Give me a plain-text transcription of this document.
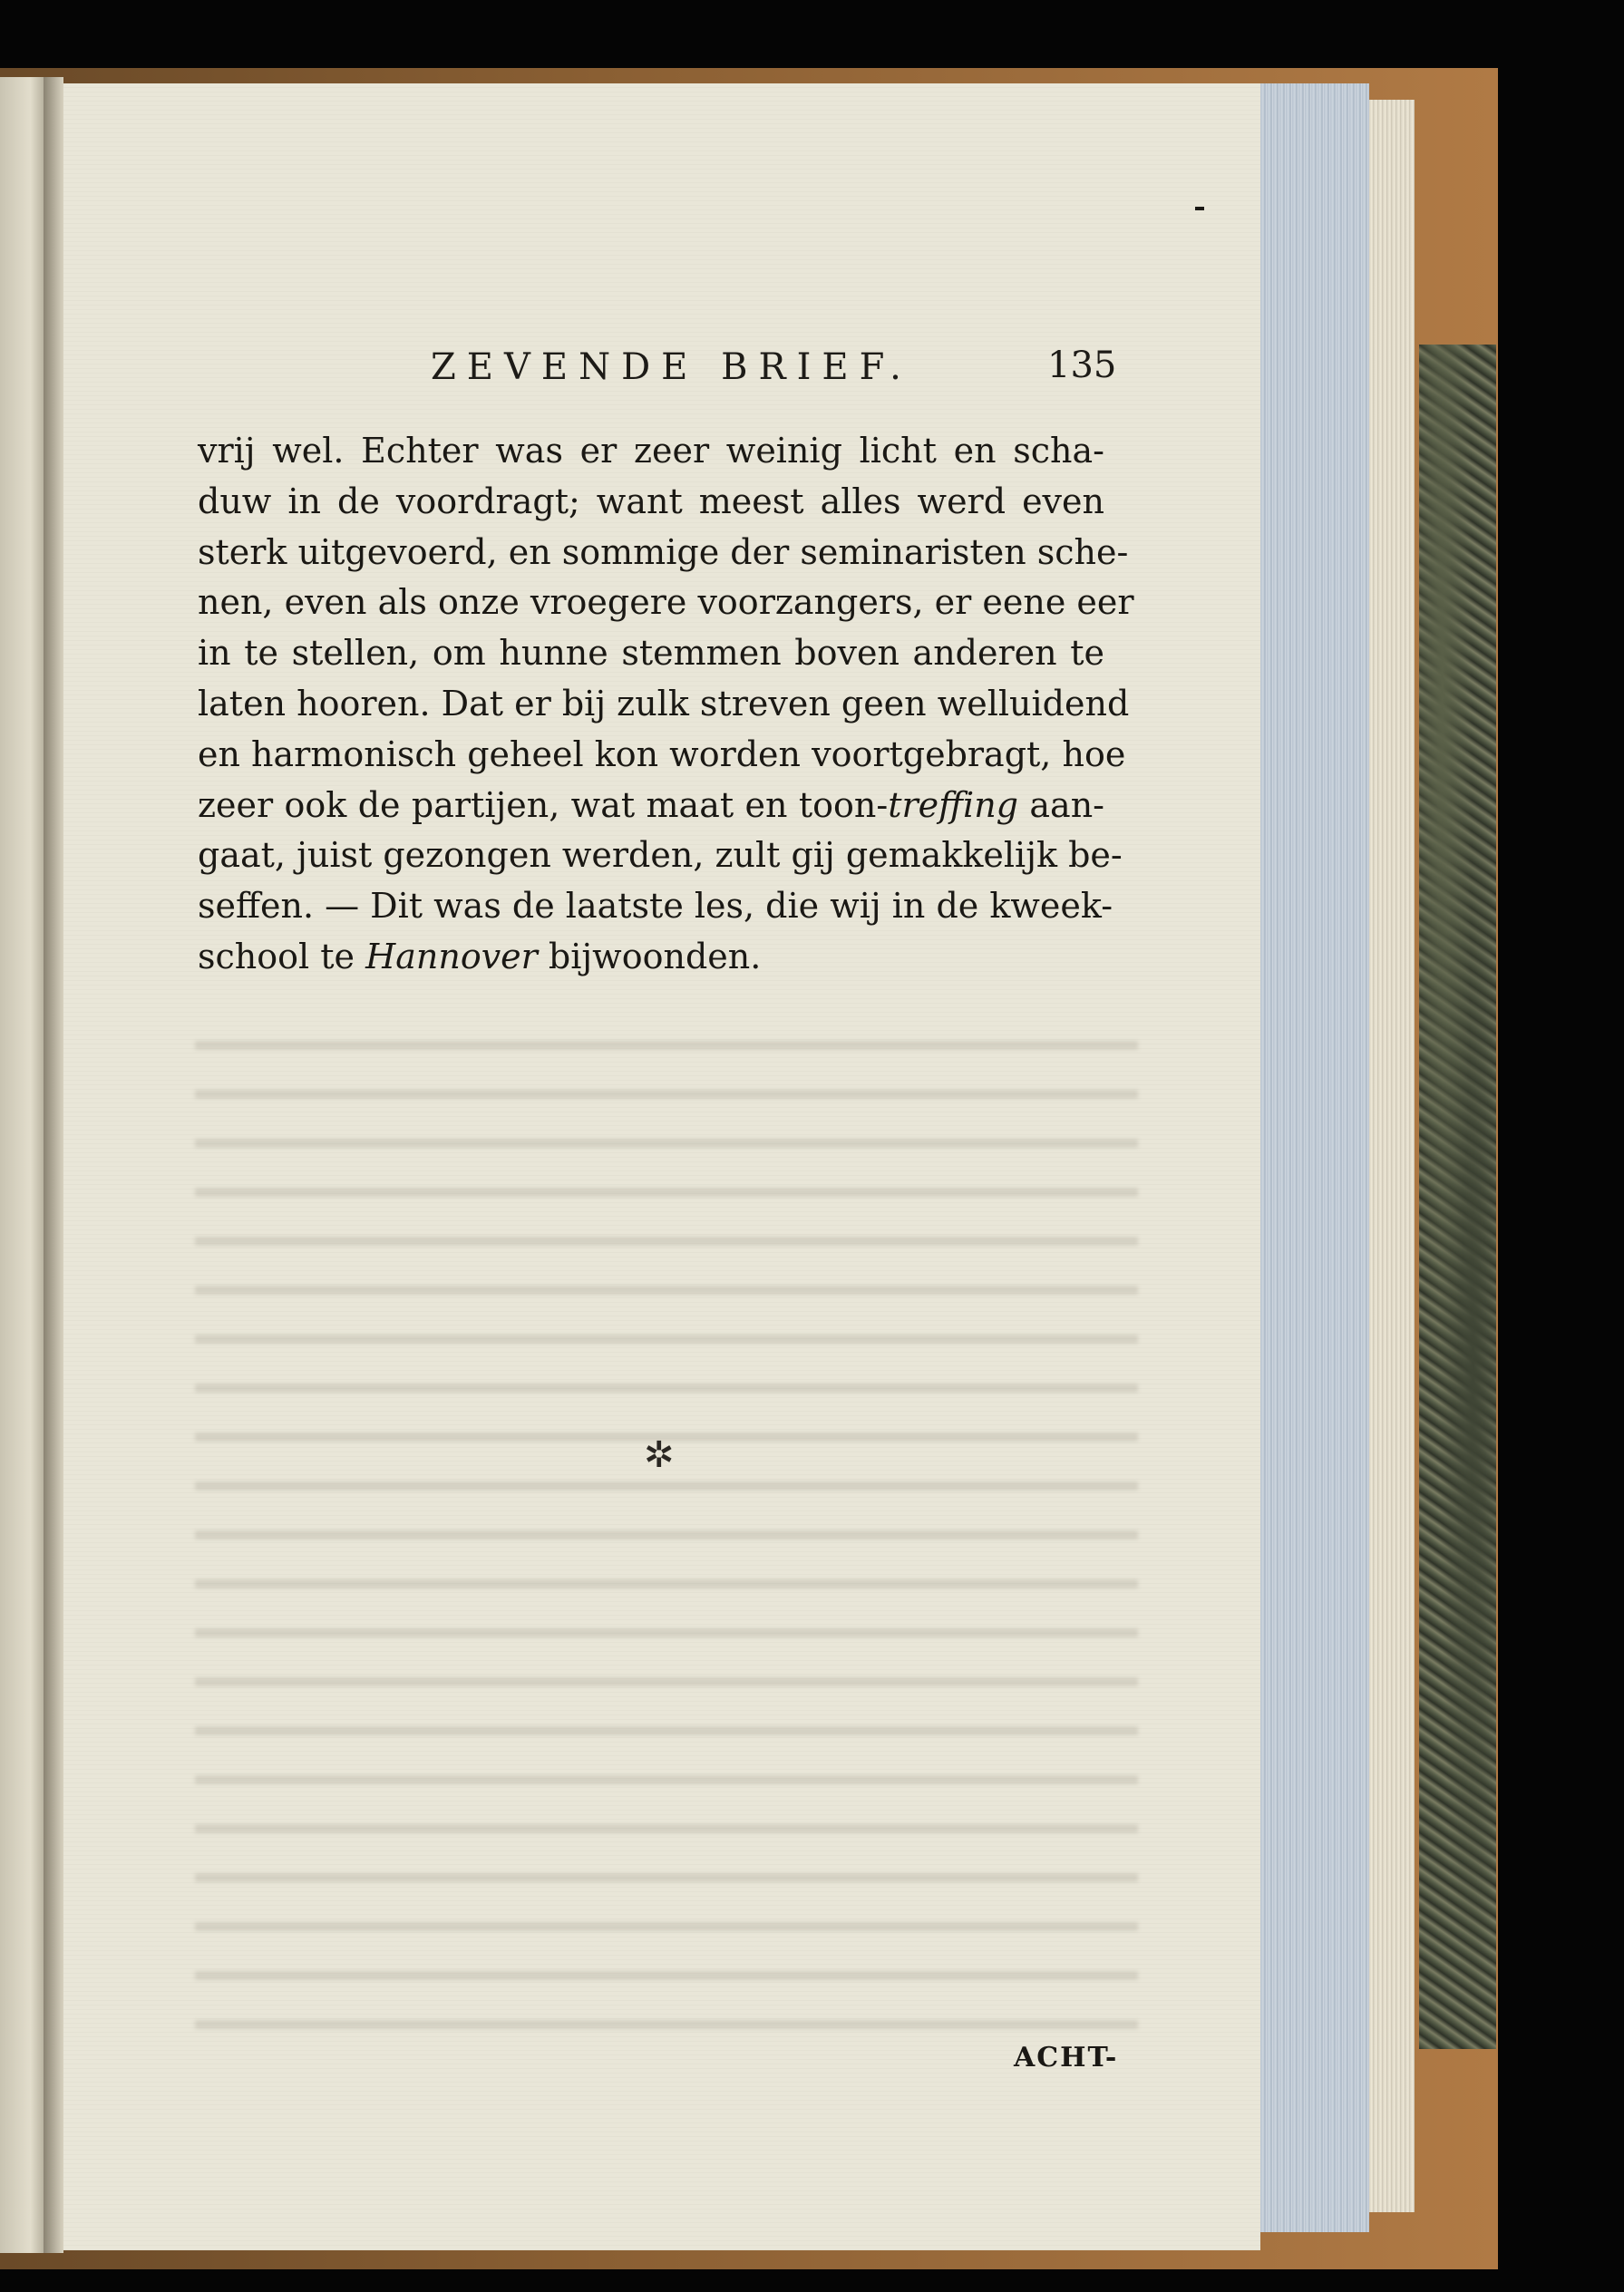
ZEVENDE BRIEF.	135
vrij wel. Echter was er zeer weinig licht en scha-
duw in de voordragt; want meest alles werd even
sterk uitgevoerd, en sommige der seminaristen sche-
nen, even als onze vroegere voorzangers, er eene eer
in te stellen, om hunne stemmen boven anderen te
laten hooren. Dat er bij zulk streven geen welluidend
en harmonisch geheel kon worden voortgebragt, hoe
zeer ook de partijen, wat maat en toon-treffing aan-
gaat, juist gezongen werden, zult gij gemakkelijk be-
seffen. — Dit was de laatste les, die wij in de kweek-
school te Hannover bijwoonden.
✲
ACHT-
